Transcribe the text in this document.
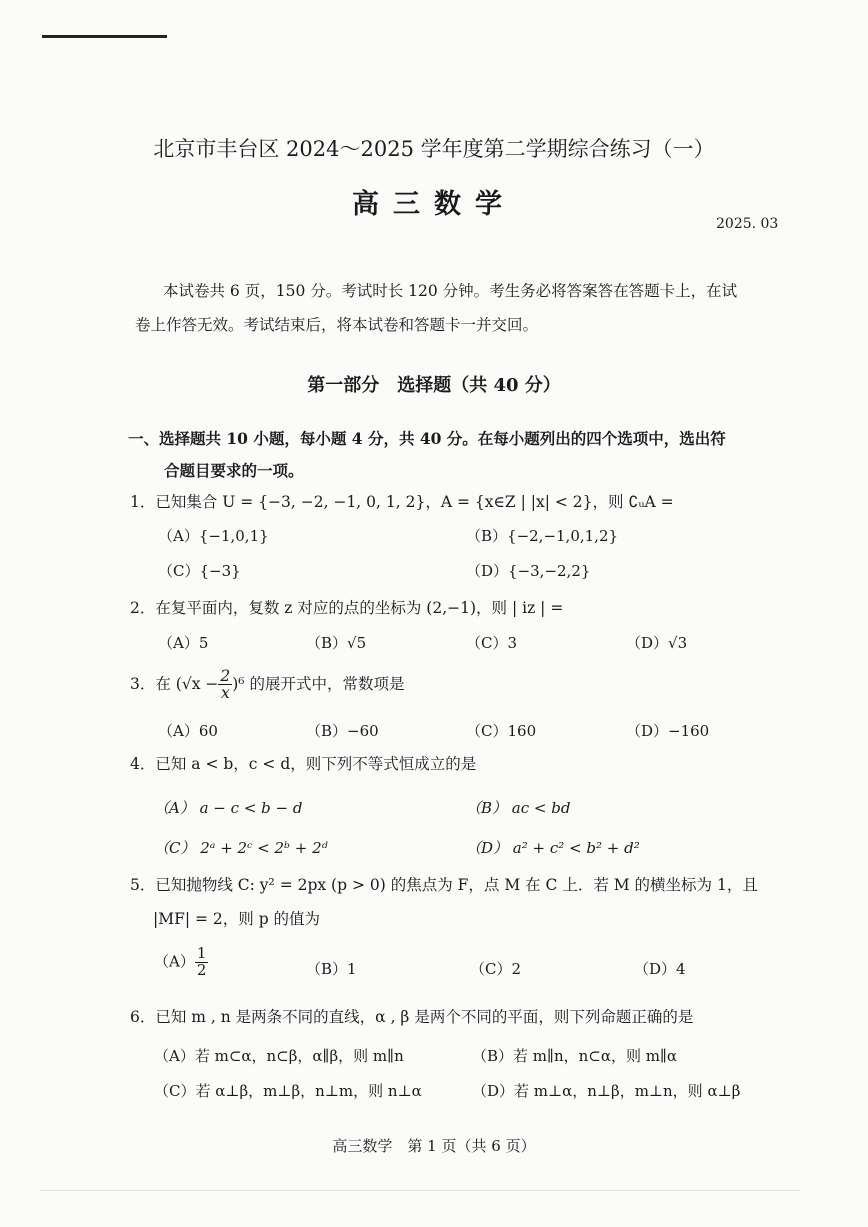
北京市丰台区 2024～2025 学年度第二学期综合练习（一）
高三数学
2025. 03
本试卷共 6 页，150 分。考试时长 120 分钟。考生务必将答案答在答题卡上，在试
卷上作答无效。考试结束后，将本试卷和答题卡一并交回。
第一部分　选择题（共 40 分）
一、选择题共 10 小题，每小题 4 分，共 40 分。在每小题列出的四个选项中，选出符
合题目要求的一项。
1．已知集合 U = {−3, −2, −1, 0, 1, 2}，A = {x∈Z | |x| < 2}，则 ∁ᵤA =
（A）{−1,0,1}	（B）{−2,−1,0,1,2}
（C）{−3}	（D）{−3,−2,2}
2．在复平面内，复数 z 对应的点的坐标为 (2,−1)，则 | iz | =
（A）5	（B）√5	（C）3	（D）√3
3．在 $(√x - \frac{2}{x} )^6$ 的展开式中，常数项是
（A）60	（B）−60	（C）160	（D）−160
4．已知 a < b，c < d，则下列不等式恒成立的是
（A） a − c < b − d	（B） ac < bd
（C） 2ᵃ + 2ᶜ < 2ᵇ + 2ᵈ	（D） a² + c² < b² + d²
5．已知抛物线 C: y² = 2px (p > 0) 的焦点为 F，点 M 在 C 上．若 M 的横坐标为 1，且
|MF| = 2，则 p 的值为
$(A) \frac{1}{2}$	（B）1	（C）2	（D）4
6．已知 m , n 是两条不同的直线，α , β 是两个不同的平面，则下列命题正确的是
（A）若 m⊂α，n⊂β，α∥β，则 m∥n	（B）若 m∥n，n⊂α，则 m∥α
（C）若 α⊥β，m⊥β，n⊥m，则 n⊥α	（D）若 m⊥α，n⊥β，m⊥n，则 α⊥β
高三数学　第 1 页（共 6 页）
